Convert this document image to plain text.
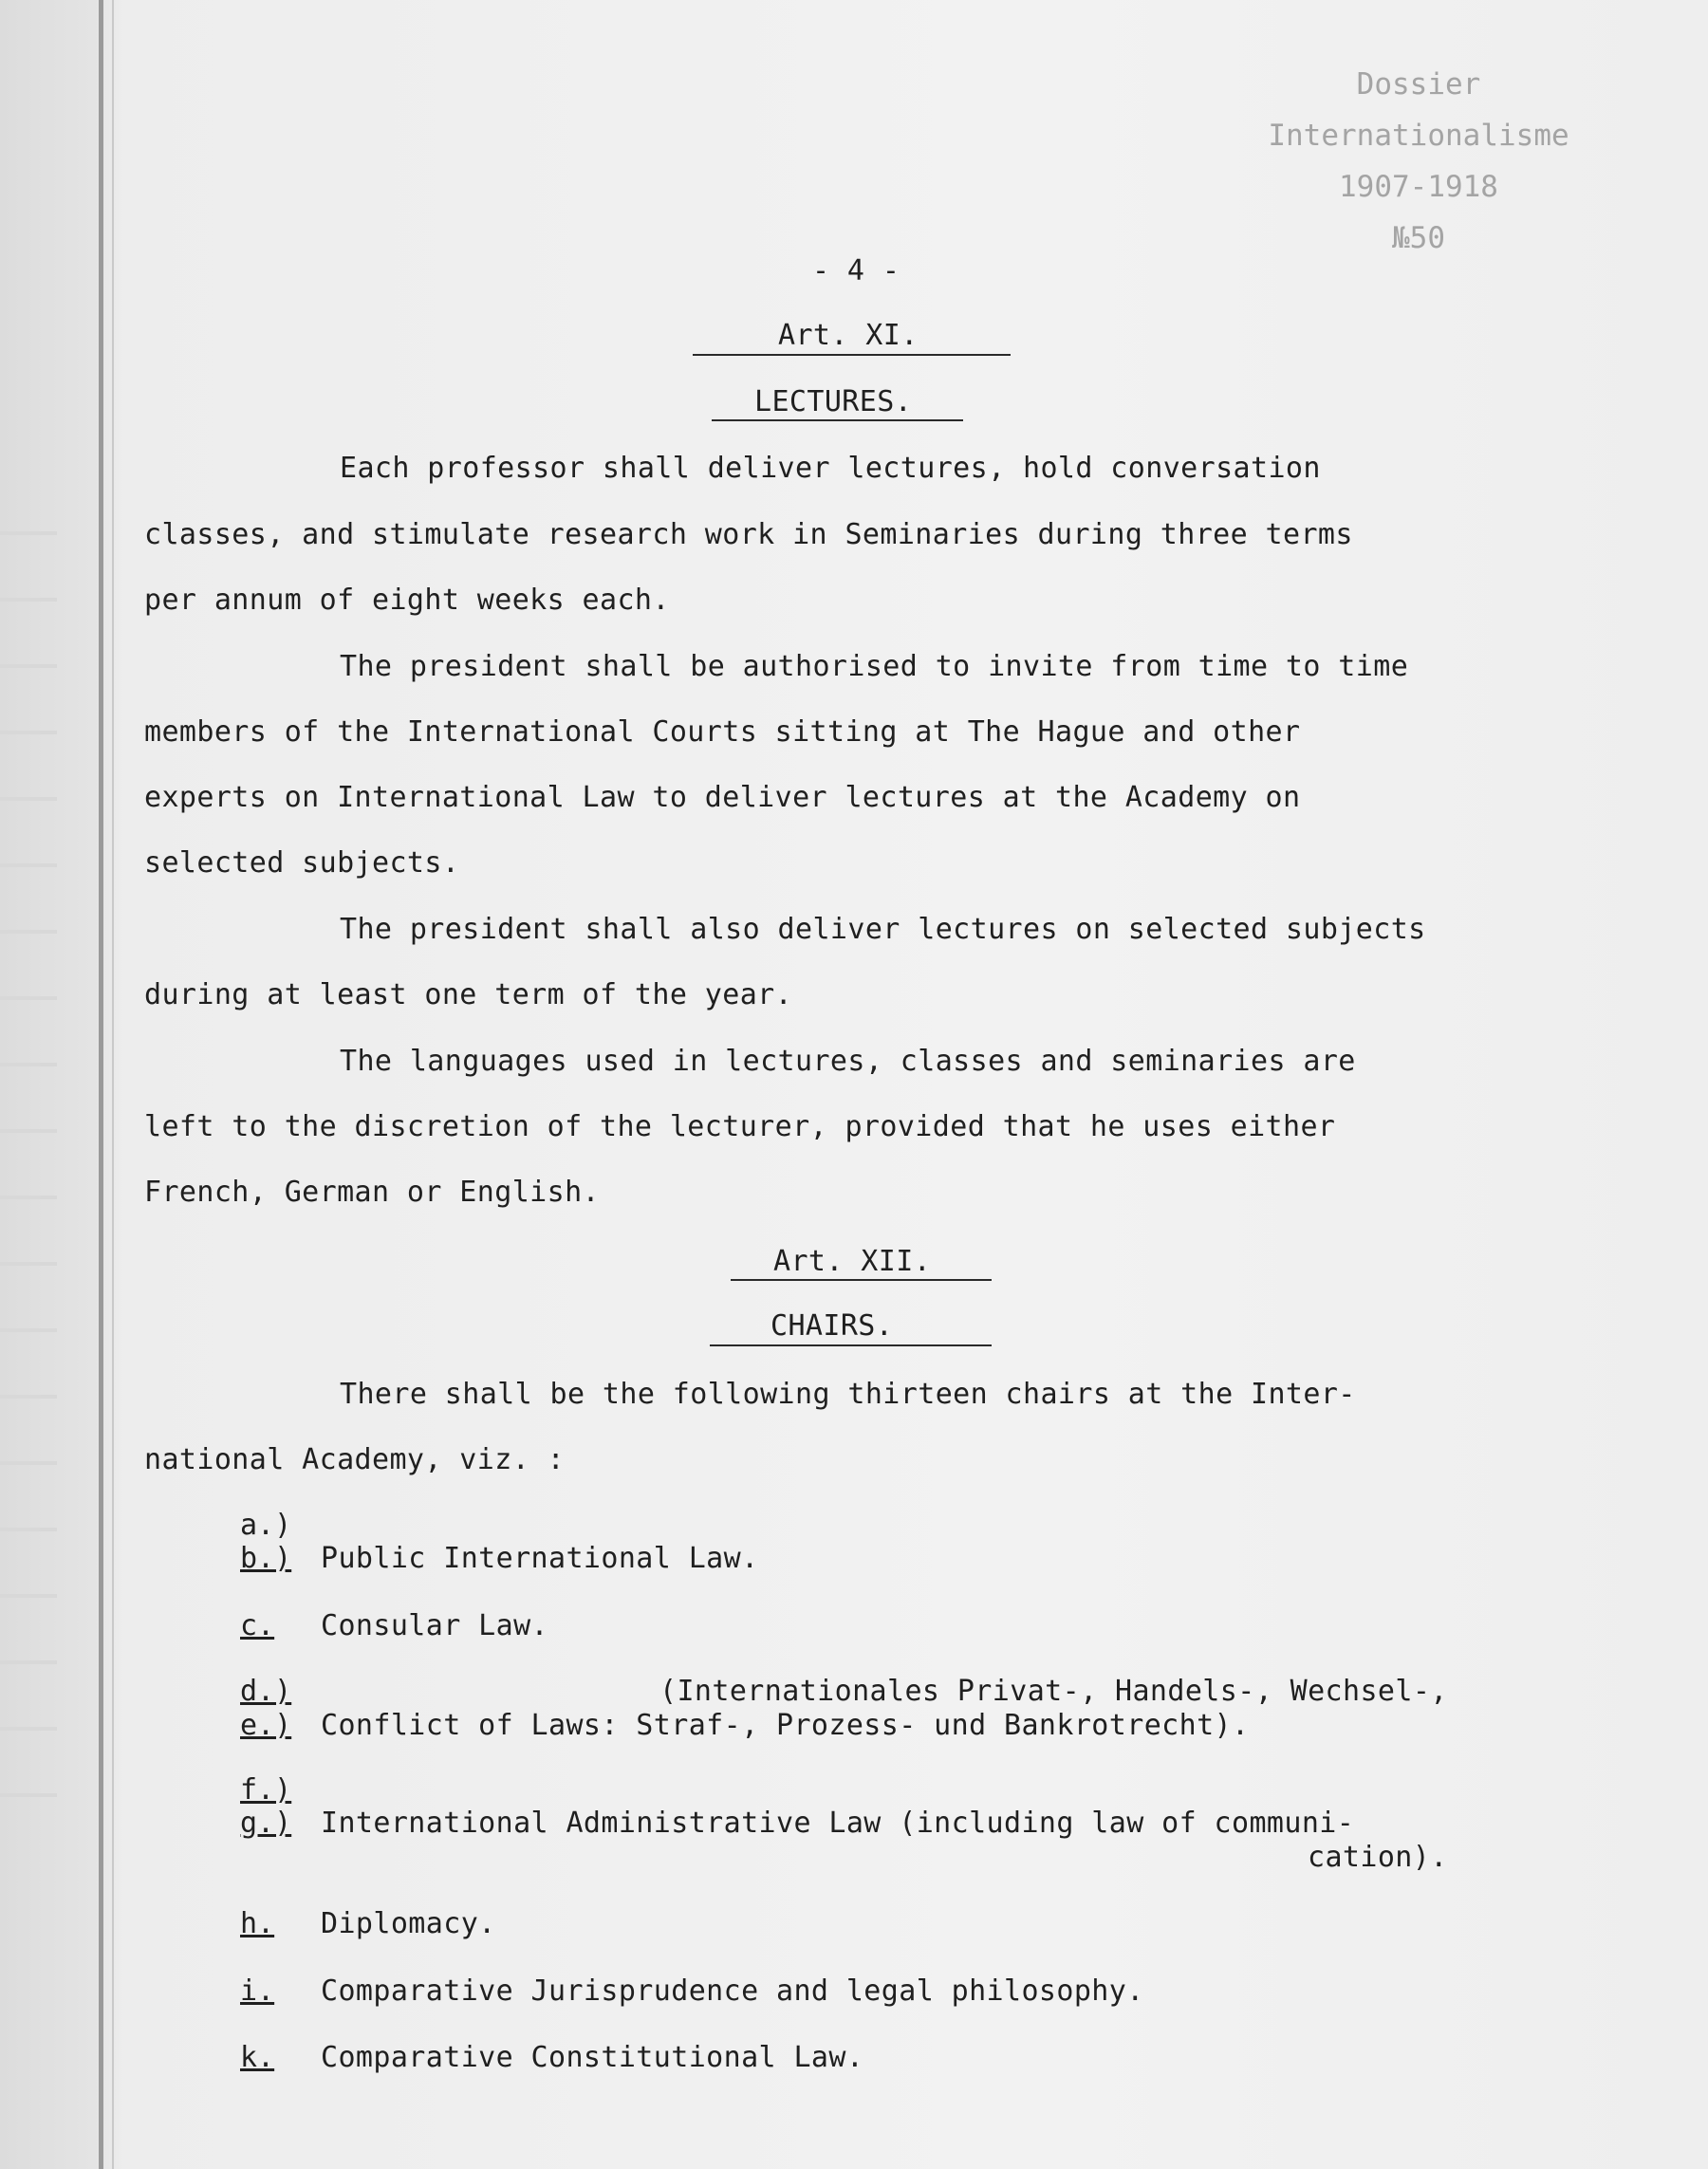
Dossier
Internationalisme
1907-1918
№50
- 4 -
Art. XI.
LECTURES.
Each professor shall deliver lectures, hold conversation
classes, and stimulate research work in Seminaries during three terms
per annum of eight weeks each.
The president shall be authorised to invite from time to time
members of the International Courts sitting at The Hague and other
experts on International Law to deliver lectures at the Academy on
selected subjects.
The president shall also deliver lectures on selected subjects
during at least one term of the year.
The languages used in lectures, classes and seminaries are
left to the discretion of the lecturer, provided that he uses either
French, German or English.
Art. XII.
CHAIRS.
There shall be the following thirteen chairs at the Inter-
national Academy, viz. :
a.)
b.) Public International Law.
c. Consular Law.
d.)	(Internationales Privat-, Handels-, Wechsel-,
e.) Conflict of Laws: Straf-, Prozess- und Bankrotrecht).
f.)
g.) International Administrative Law (including law of communi-
cation).
h. Diplomacy.
i. Comparative Jurisprudence and legal philosophy.
k. Comparative Constitutional Law.
